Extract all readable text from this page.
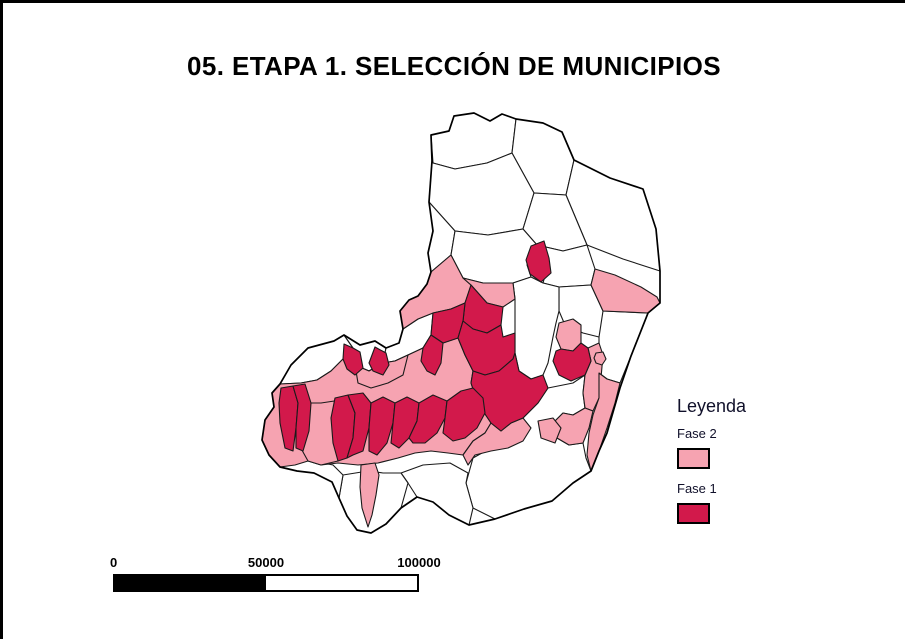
05. ETAPA 1. SELECCIÓN DE MUNICIPIOS
Leyenda
Fase 2
Fase 1
0	50000	100000
